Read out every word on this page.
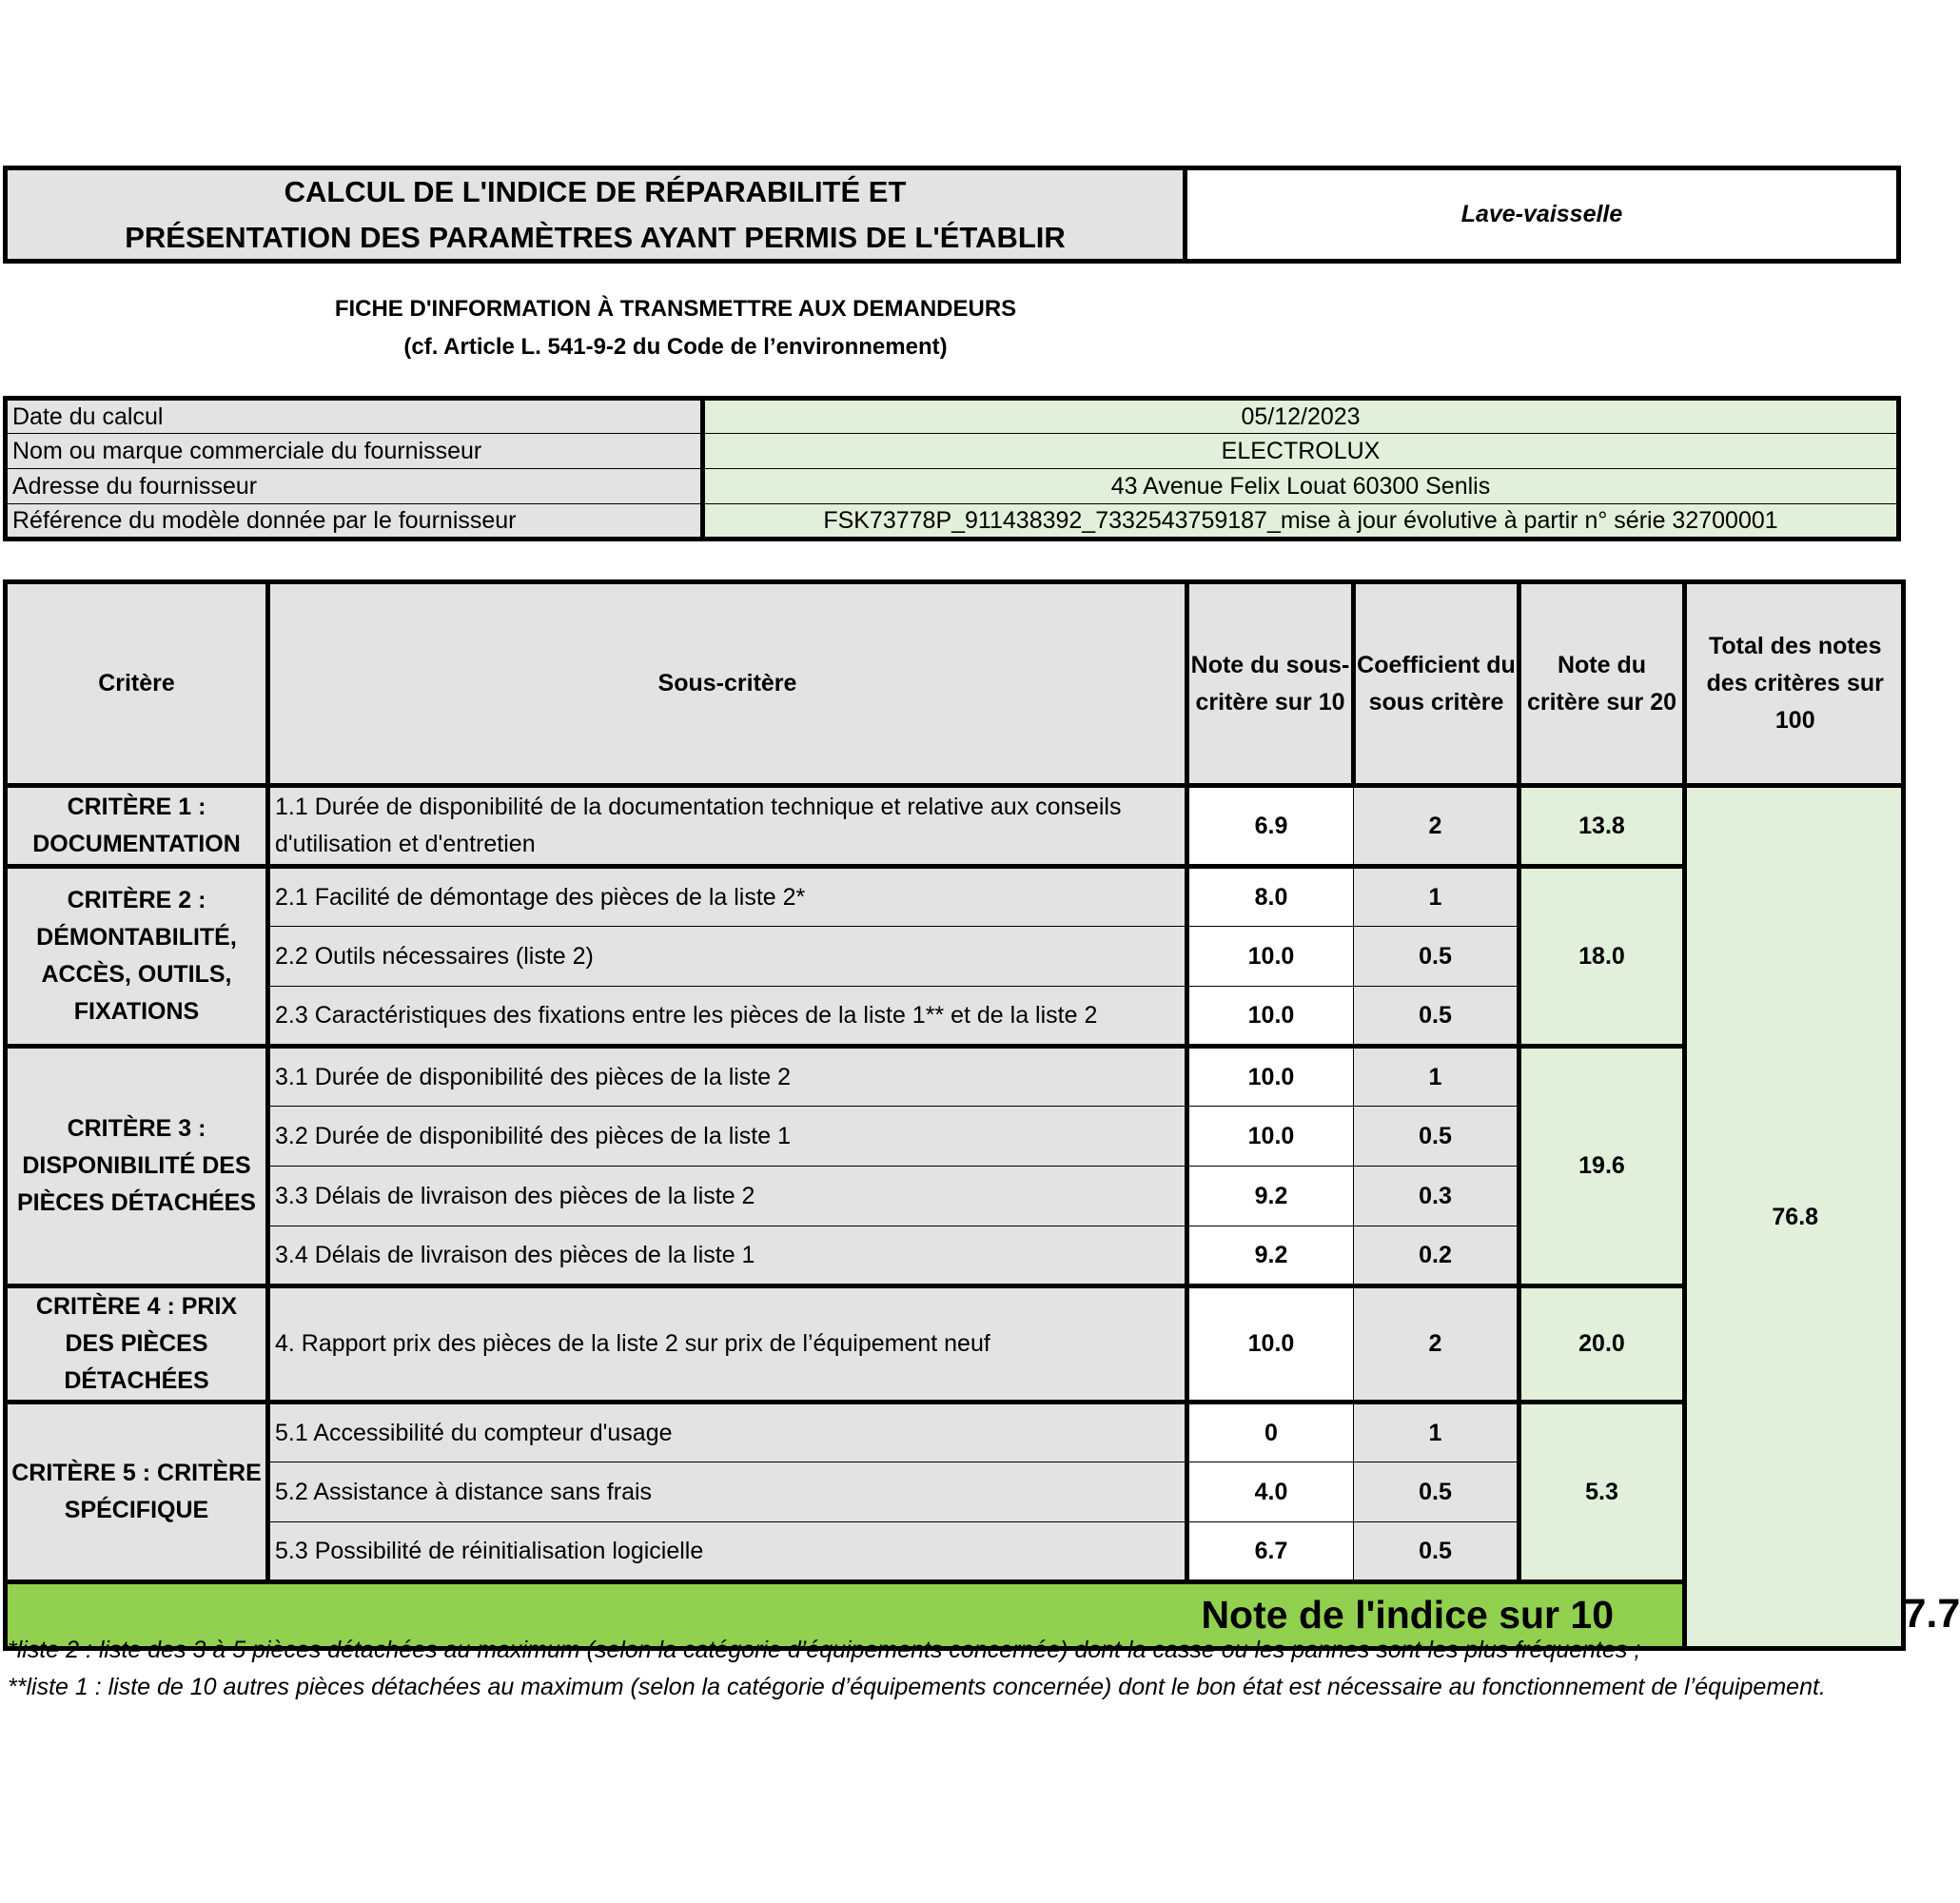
CALCUL DE L'INDICE DE RÉPARABILITÉ ET
PRÉSENTATION DES PARAMÈTRES AYANT PERMIS DE L'ÉTABLIR
Lave-vaisselle
FICHE D'INFORMATION À TRANSMETTRE AUX DEMANDEURS
(cf. Article L. 541-9-2 du Code de l’environnement)
Date du calcul	05/12/2023
Nom ou marque commerciale du fournisseur	ELECTROLUX
Adresse du fournisseur	43 Avenue Felix Louat 60300 Senlis
Référence du modèle donnée par le fournisseur	FSK73778P_911438392_7332543759187_mise à jour évolutive à partir n° série 32700001
Critère	Sous-critère	Note du sous-critère sur 10	Coefficient du sous critère	Note du critère sur 20	Total des notes des critères sur 100	
CRITÈRE 1 : DOCUMENTATION	1.1 Durée de disponibilité de la documentation technique et relative aux conseils d'utilisation et d'entretien	6.9	2	13.8	76.8	
CRITÈRE 2 : DÉMONTABILITÉ, ACCÈS, OUTILS, FIXATIONS	2.1 Facilité de démontage des pièces de la liste 2*	8.0	1	18.0		
	2.2 Outils nécessaires (liste 2)	10.0	0.5			
	2.3 Caractéristiques des fixations entre les pièces de la liste 1** et de la liste 2	10.0	0.5			
CRITÈRE 3 : DISPONIBILITÉ DES PIÈCES DÉTACHÉES	3.1 Durée de disponibilité des pièces de la liste 2	10.0	1	19.6		
	3.2 Durée de disponibilité des pièces de la liste 1	10.0	0.5			
	3.3 Délais de livraison des pièces de la liste 2	9.2	0.3			
	3.4 Délais de livraison des pièces de la liste 1	9.2	0.2			
CRITÈRE 4 : PRIX DES PIÈCES DÉTACHÉES	4. Rapport prix des pièces de la liste 2 sur prix de l’équipement neuf	10.0	2	20.0		
CRITÈRE 5 : CRITÈRE SPÉCIFIQUE	5.1 Accessibilité du compteur d'usage	0	1	5.3		
	5.2 Assistance à distance sans frais	4.0	0.5			
	5.3 Possibilité de réinitialisation logicielle	6.7	0.5			
Note de l'indice sur 10						7.7

*liste 2 : liste des 3 à 5 pièces détachées au maximum (selon la catégorie d’équipements concernée) dont la casse ou les pannes sont les plus fréquentes ;

**liste 1 : liste de 10 autres pièces détachées au maximum (selon la catégorie d’équipements concernée) dont le bon état est nécessaire au fonctionnement de l’équipement.
